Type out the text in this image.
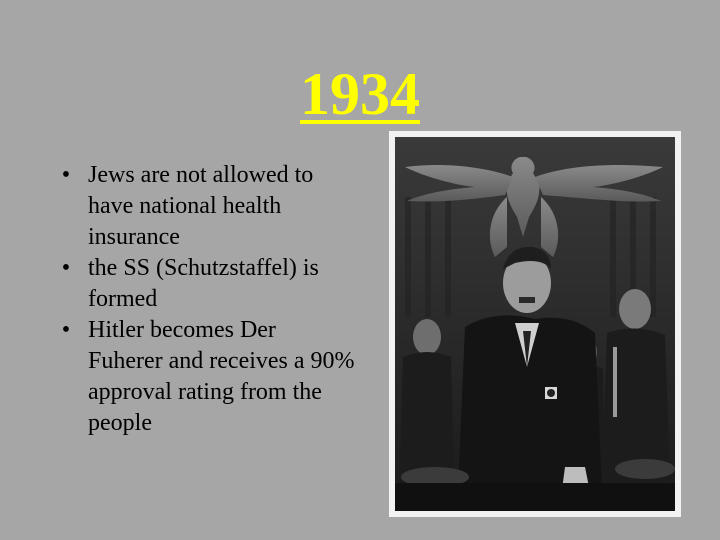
1934
• Jews are not allowed to have national health insurance
• the SS (Schutzstaffel) is formed
• Hitler becomes Der Fuherer and receives a 90% approval rating from the people
